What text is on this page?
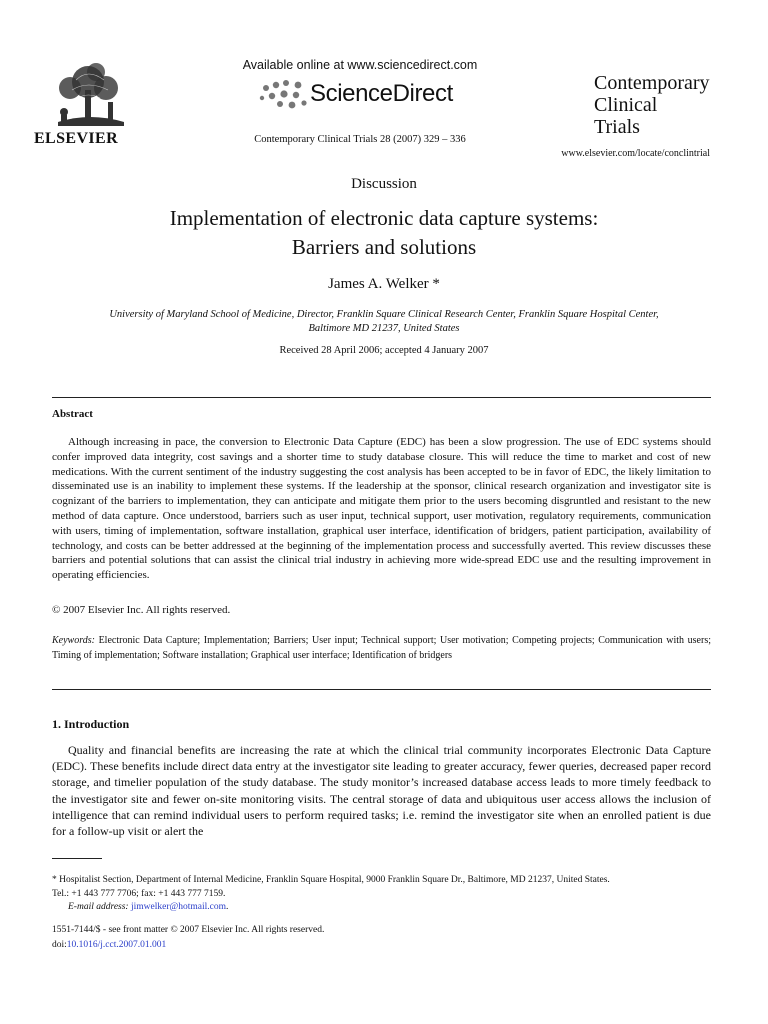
ELSEVIER
Available online at www.sciencedirect.com
ScienceDirect
Contemporary Clinical Trials 28 (2007) 329 – 336
Contemporary
Clinical
Trials
www.elsevier.com/locate/conclintrial
Discussion
Implementation of electronic data capture systems:
Barriers and solutions
James A. Welker *
University of Maryland School of Medicine, Director, Franklin Square Clinical Research Center, Franklin Square Hospital Center,
Baltimore MD 21237, United States
Received 28 April 2006; accepted 4 January 2007
Abstract

Although increasing in pace, the conversion to Electronic Data Capture (EDC) has been a slow progression. The use of EDC systems should confer improved data integrity, cost savings and a shorter time to study database closure. This will reduce the time to market and cost of new medications. With the current sentiment of the industry suggesting the cost analysis has been accepted to be in favor of EDC, the likely limitation to disseminated use is an inability to implement these systems. If the leadership at the sponsor, clinical research organization and investigator site is cognizant of the barriers to implementation, they can anticipate and mitigate them prior to the users becoming disgruntled and resistant to the new method of data capture. Once understood, barriers such as user input, technical support, user motivation, regulatory requirements, communication with users, timing of implementation, software installation, graphical user interface, identification of bridgers, patient participation, availability of technology, and costs can be better addressed at the beginning of the implementation process and successfully averted. This review discusses these barriers and potential solutions that can assist the clinical trial industry in achieving more wide-spread EDC use and the resulting improvement in operating efficiencies.

© 2007 Elsevier Inc. All rights reserved.
Keywords: Electronic Data Capture; Implementation; Barriers; User input; Technical support; User motivation; Competing projects; Communication with users; Timing of implementation; Software installation; Graphical user interface; Identification of bridgers
1. Introduction
Quality and financial benefits are increasing the rate at which the clinical trial community incorporates Electronic Data Capture (EDC). These benefits include direct data entry at the investigator site leading to greater accuracy, fewer queries, decreased paper record storage, and timelier population of the study database. The study monitor’s increased database access leads to more timely feedback to the investigator site and fewer on-site monitoring visits. The central storage of data and ubiquitous user access allows the inclusion of intelligence that can remind individual users to perform required tasks; i.e. remind the investigator site when an enrolled patient is due for a follow-up visit or alert the
* Hospitalist Section, Department of Internal Medicine, Franklin Square Hospital, 9000 Franklin Square Dr., Baltimore, MD 21237, United States.
Tel.: +1 443 777 7706; fax: +1 443 777 7159.
E-mail address: jimwelker@hotmail.com.
1551-7144/$ - see front matter © 2007 Elsevier Inc. All rights reserved.
doi:10.1016/j.cct.2007.01.001
